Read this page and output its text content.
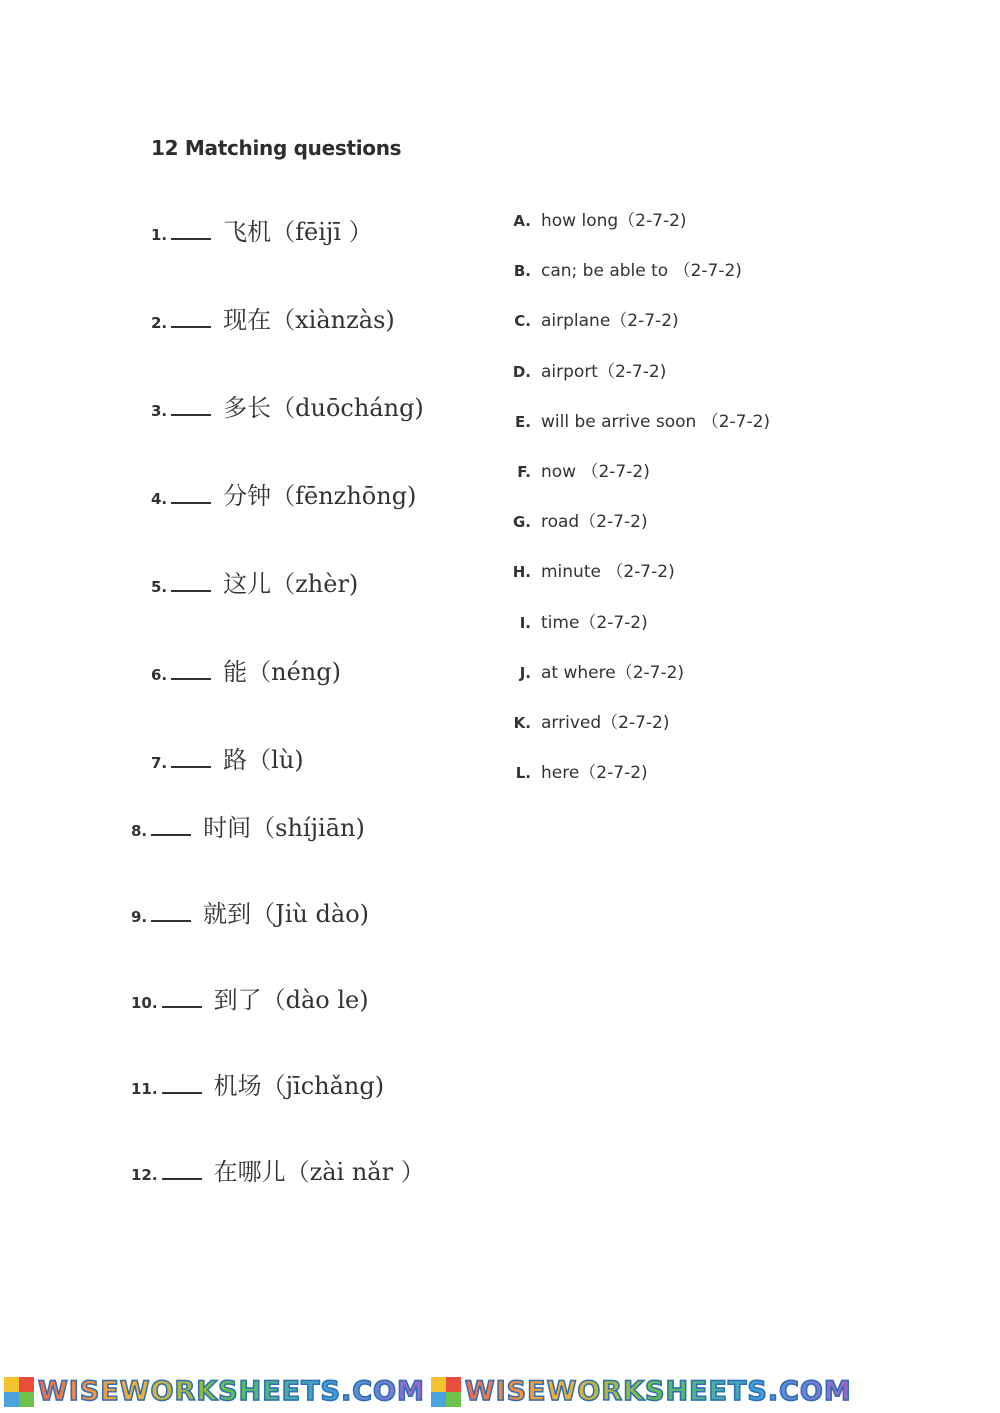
12 Matching questions
1. 飞机（fēijī ）
2. 现在（xiànzàs)
3. 多长（duōcháng)
4. 分钟（fēnzhōng)
5. 这儿（zhèr)
6. 能（néng)
7. 路（lù)
8. 时间（shíjiān)
9. 就到（Jiù dào)
10. 到了（dào le)
11. 机场（jīchǎng)
12. 在哪儿（zài nǎr ）
A. how long（2-7-2)
B. can; be able to （2-7-2)
C. airplane（2-7-2)
D. airport（2-7-2)
E. will be arrive soon （2-7-2)
F. now （2-7-2)
G. road（2-7-2)
H. minute （2-7-2)
I. time（2-7-2)
J. at where（2-7-2)
K. arrived（2-7-2)
L. here（2-7-2)
WISEWORKSHEETS.COM WISEWORKSHEETS.COM
